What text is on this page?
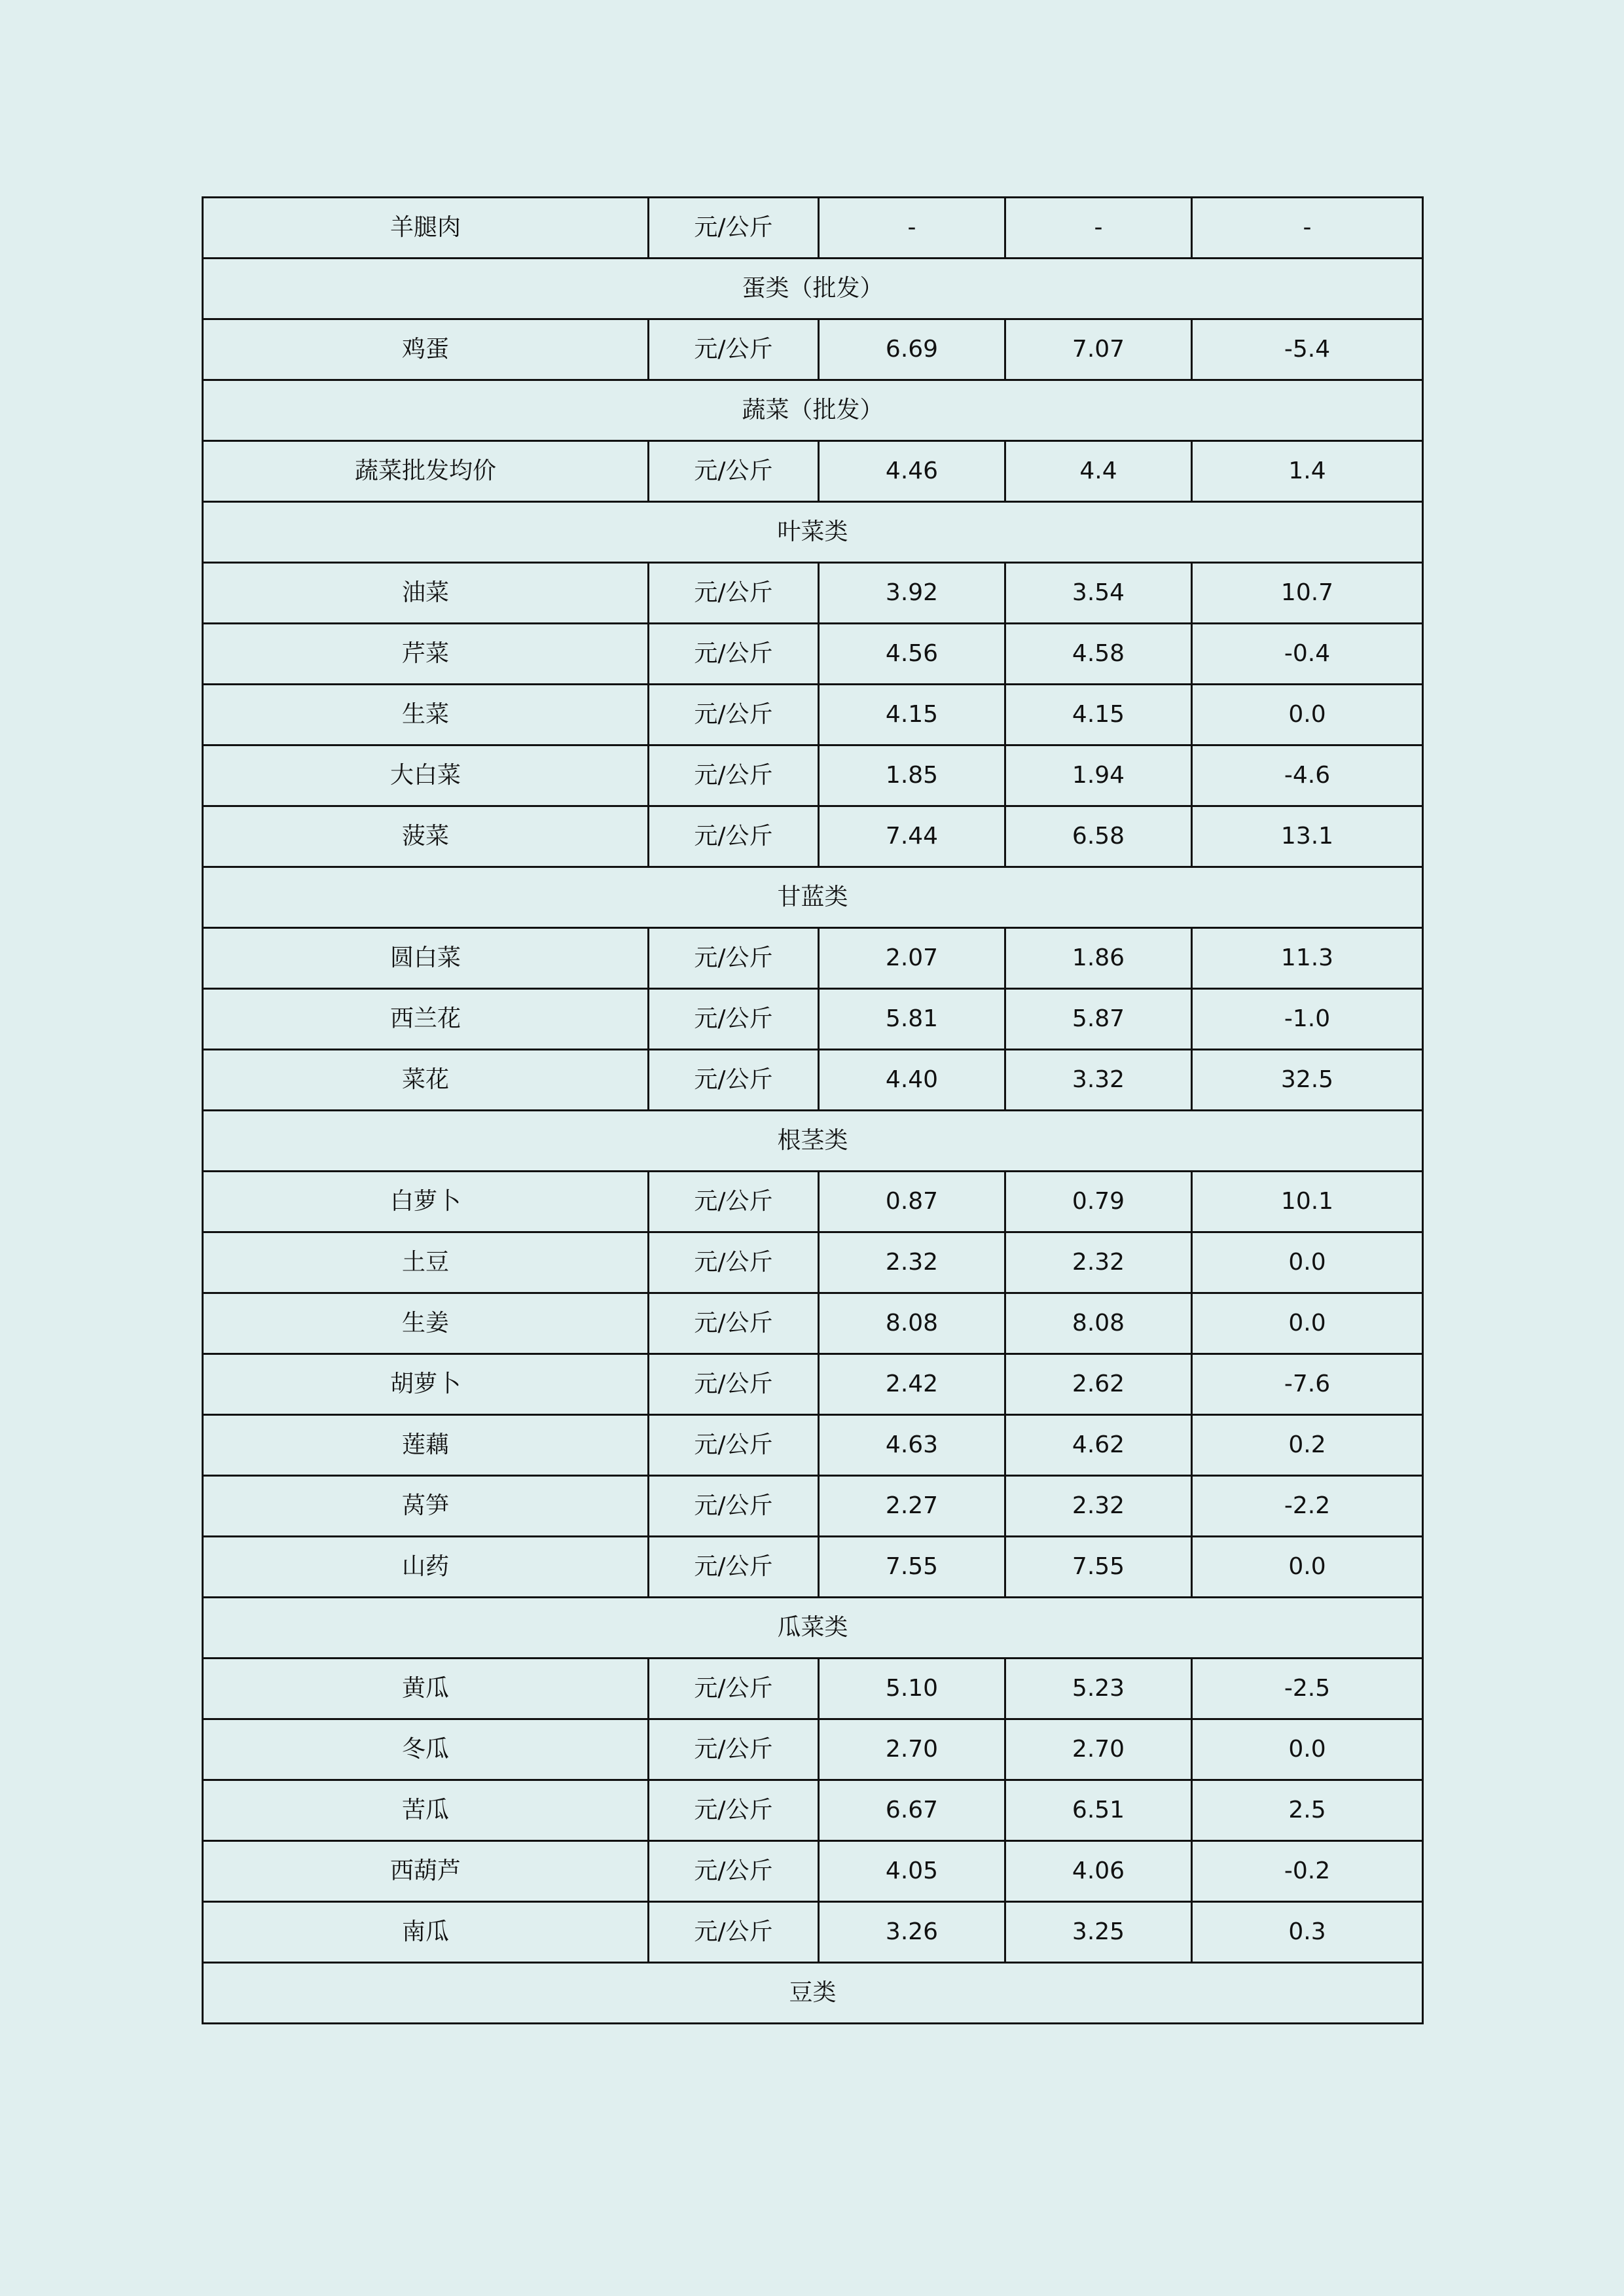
羊腿肉	元/公斤	-	-	-
蛋类（批发）				
鸡蛋	元/公斤	6.69	7.07	-5.4
蔬菜（批发）				
蔬菜批发均价	元/公斤	4.46	4.4	1.4
叶菜类				
油菜	元/公斤	3.92	3.54	10.7
芹菜	元/公斤	4.56	4.58	-0.4
生菜	元/公斤	4.15	4.15	0.0
大白菜	元/公斤	1.85	1.94	-4.6
菠菜	元/公斤	7.44	6.58	13.1
甘蓝类				
圆白菜	元/公斤	2.07	1.86	11.3
西兰花	元/公斤	5.81	5.87	-1.0
菜花	元/公斤	4.40	3.32	32.5
根茎类				
白萝卜	元/公斤	0.87	0.79	10.1
土豆	元/公斤	2.32	2.32	0.0
生姜	元/公斤	8.08	8.08	0.0
胡萝卜	元/公斤	2.42	2.62	-7.6
莲藕	元/公斤	4.63	4.62	0.2
莴笋	元/公斤	2.27	2.32	-2.2
山药	元/公斤	7.55	7.55	0.0
瓜菜类				
黄瓜	元/公斤	5.10	5.23	-2.5
冬瓜	元/公斤	2.70	2.70	0.0
苦瓜	元/公斤	6.67	6.51	2.5
西葫芦	元/公斤	4.05	4.06	-0.2
南瓜	元/公斤	3.26	3.25	0.3
豆类				
